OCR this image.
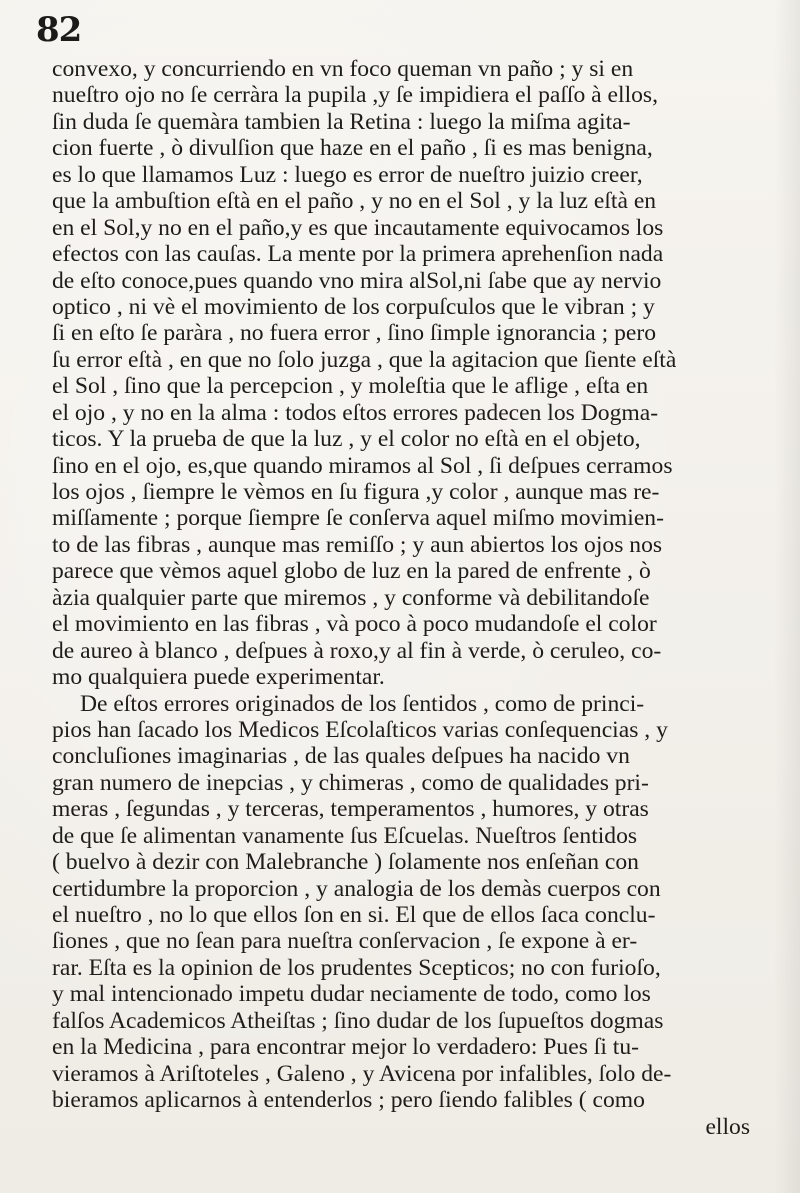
82
convexo, y concurriendo en vn foco queman vn paño ; y si en
nueſtro ojo no ſe cerràra la pupila ,y ſe impidiera el paſſo à ellos,
ſin duda ſe quemàra tambien la Retina : luego la miſma agita-
cion fuerte , ò divulſion que haze en el paño , ſi es mas benigna,
es lo que llamamos Luz : luego es error de nueſtro juizio creer,
que la ambuſtion eſtà en el paño , y no en el Sol , y la luz eſtà en
en el Sol,y no en el paño,y es que incautamente equivocamos los
efectos con las cauſas. La mente por la primera aprehenſion nada
de eſto conoce,pues quando vno mira alSol,ni ſabe que ay nervio
optico , ni vè el movimiento de los corpuſculos que le vibran ; y
ſi en eſto ſe paràra , no fuera error , ſino ſimple ignorancia ; pero
ſu error eſtà , en que no ſolo juzga , que la agitacion que ſiente eſtà
el Sol , ſino que la percepcion , y moleſtia que le aflige , eſta en
el ojo , y no en la alma : todos eſtos errores padecen los Dogma-
ticos. Y la prueba de que la luz , y el color no eſtà en el objeto,
ſino en el ojo, es,que quando miramos al Sol , ſi deſpues cerramos
los ojos , ſiempre le vèmos en ſu figura ,y color , aunque mas re-
miſſamente ; porque ſiempre ſe conſerva aquel miſmo movimien-
to de las fibras , aunque mas remiſſo ; y aun abiertos los ojos nos
parece que vèmos aquel globo de luz en la pared de enfrente , ò
àzia qualquier parte que miremos , y conforme và debilitandoſe
el movimiento en las fibras , và poco à poco mudandoſe el color
de aureo à blanco , deſpues à roxo,y al fin à verde, ò ceruleo, co-
mo qualquiera puede experimentar.
De eſtos errores originados de los ſentidos , como de princi-
pios han ſacado los Medicos Eſcolaſticos varias conſequencias , y
concluſiones imaginarias , de las quales deſpues ha nacido vn
gran numero de inepcias , y chimeras , como de qualidades pri-
meras , ſegundas , y terceras, temperamentos , humores, y otras
de que ſe alimentan vanamente ſus Eſcuelas. Nueſtros ſentidos
( buelvo à dezir con Malebranche ) ſolamente nos enſeñan con
certidumbre la proporcion , y analogia de los demàs cuerpos con
el nueſtro , no lo que ellos ſon en si. El que de ellos ſaca conclu-
ſiones , que no ſean para nueſtra conſervacion , ſe expone à er-
rar. Eſta es la opinion de los prudentes Scepticos; no con furioſo,
y mal intencionado impetu dudar neciamente de todo, como los
falſos Academicos Atheiſtas ; ſino dudar de los ſupueſtos dogmas
en la Medicina , para encontrar mejor lo verdadero: Pues ſi tu-
vieramos à Ariſtoteles , Galeno , y Avicena por infalibles, ſolo de-
bieramos aplicarnos à entenderlos ; pero ſiendo falibles ( como
ellos
